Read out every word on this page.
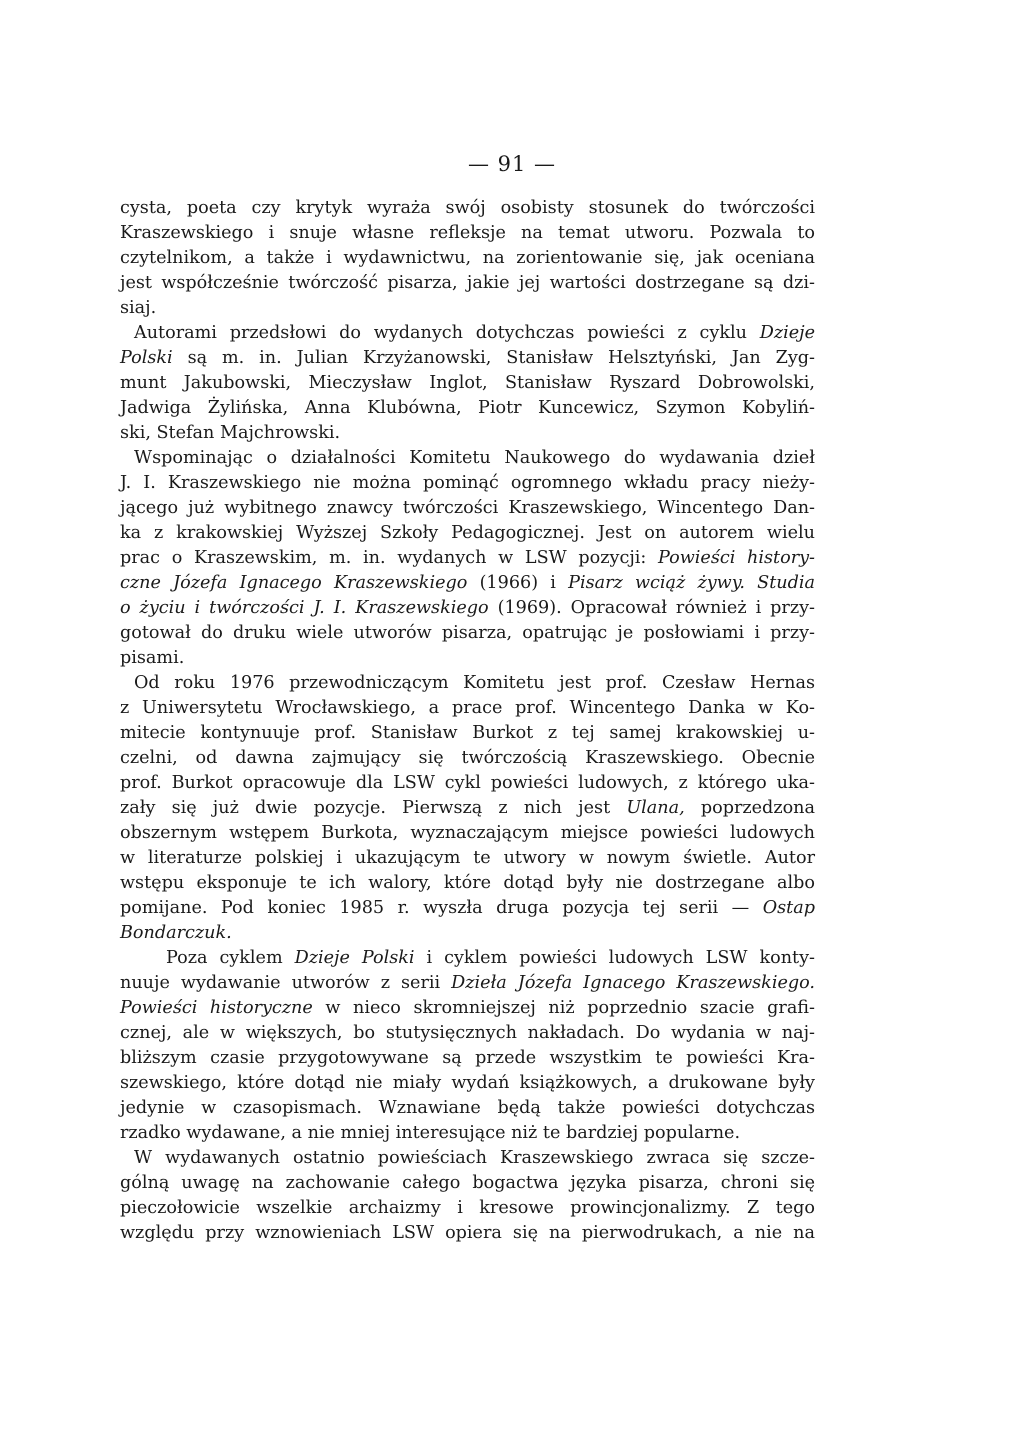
— 91 —
cysta, poeta czy krytyk wyraża swój osobisty stosunek do twórczości
Kraszewskiego i snuje własne refleksje na temat utworu. Pozwala to
czytelnikom, a także i wydawnictwu, na zorientowanie się, jak oceniana
jest współcześnie twórczość pisarza, jakie jej wartości dostrzegane są dzi-
siaj.
Autorami przedsłowi do wydanych dotychczas powieści z cyklu Dzieje
Polski są m. in. Julian Krzyżanowski, Stanisław Helsztyński, Jan Zyg-
munt Jakubowski, Mieczysław Inglot, Stanisław Ryszard Dobrowolski,
Jadwiga Żylińska, Anna Klubówna, Piotr Kuncewicz, Szymon Kobyliń-
ski, Stefan Majchrowski.
Wspominając o działalności Komitetu Naukowego do wydawania dzieł
J. I. Kraszewskiego nie można pominąć ogromnego wkładu pracy nieży-
jącego już wybitnego znawcy twórczości Kraszewskiego, Wincentego Dan-
ka z krakowskiej Wyższej Szkoły Pedagogicznej. Jest on autorem wielu
prac o Kraszewskim, m. in. wydanych w LSW pozycji: Powieści history-
czne Józefa Ignacego Kraszewskiego (1966) i Pisarz wciąż żywy. Studia
o życiu i twórczości J. I. Kraszewskiego (1969). Opracował również i przy-
gotował do druku wiele utworów pisarza, opatrując je posłowiami i przy-
pisami.
Od roku 1976 przewodniczącym Komitetu jest prof. Czesław Hernas
z Uniwersytetu Wrocławskiego, a prace prof. Wincentego Danka w Ko-
mitecie kontynuuje prof. Stanisław Burkot z tej samej krakowskiej u-
czelni, od dawna zajmujący się twórczością Kraszewskiego. Obecnie
prof. Burkot opracowuje dla LSW cykl powieści ludowych, z którego uka-
zały się już dwie pozycje. Pierwszą z nich jest Ulana, poprzedzona
obszernym wstępem Burkota, wyznaczającym miejsce powieści ludowych
w literaturze polskiej i ukazującym te utwory w nowym świetle. Autor
wstępu eksponuje te ich walory, które dotąd były nie dostrzegane albo
pomijane. Pod koniec 1985 r. wyszła druga pozycja tej serii — Ostap
Bondarczuk.
Poza cyklem Dzieje Polski i cyklem powieści ludowych LSW konty-
nuuje wydawanie utworów z serii Dzieła Józefa Ignacego Kraszewskiego.
Powieści historyczne w nieco skromniejszej niż poprzednio szacie grafi-
cznej, ale w większych, bo stutysięcznych nakładach. Do wydania w naj-
bliższym czasie przygotowywane są przede wszystkim te powieści Kra-
szewskiego, które dotąd nie miały wydań książkowych, a drukowane były
jedynie w czasopismach. Wznawiane będą także powieści dotychczas
rzadko wydawane, a nie mniej interesujące niż te bardziej popularne.
W wydawanych ostatnio powieściach Kraszewskiego zwraca się szcze-
gólną uwagę na zachowanie całego bogactwa języka pisarza, chroni się
pieczołowicie wszelkie archaizmy i kresowe prowincjonalizmy. Z tego
względu przy wznowieniach LSW opiera się na pierwodrukach, a nie na
